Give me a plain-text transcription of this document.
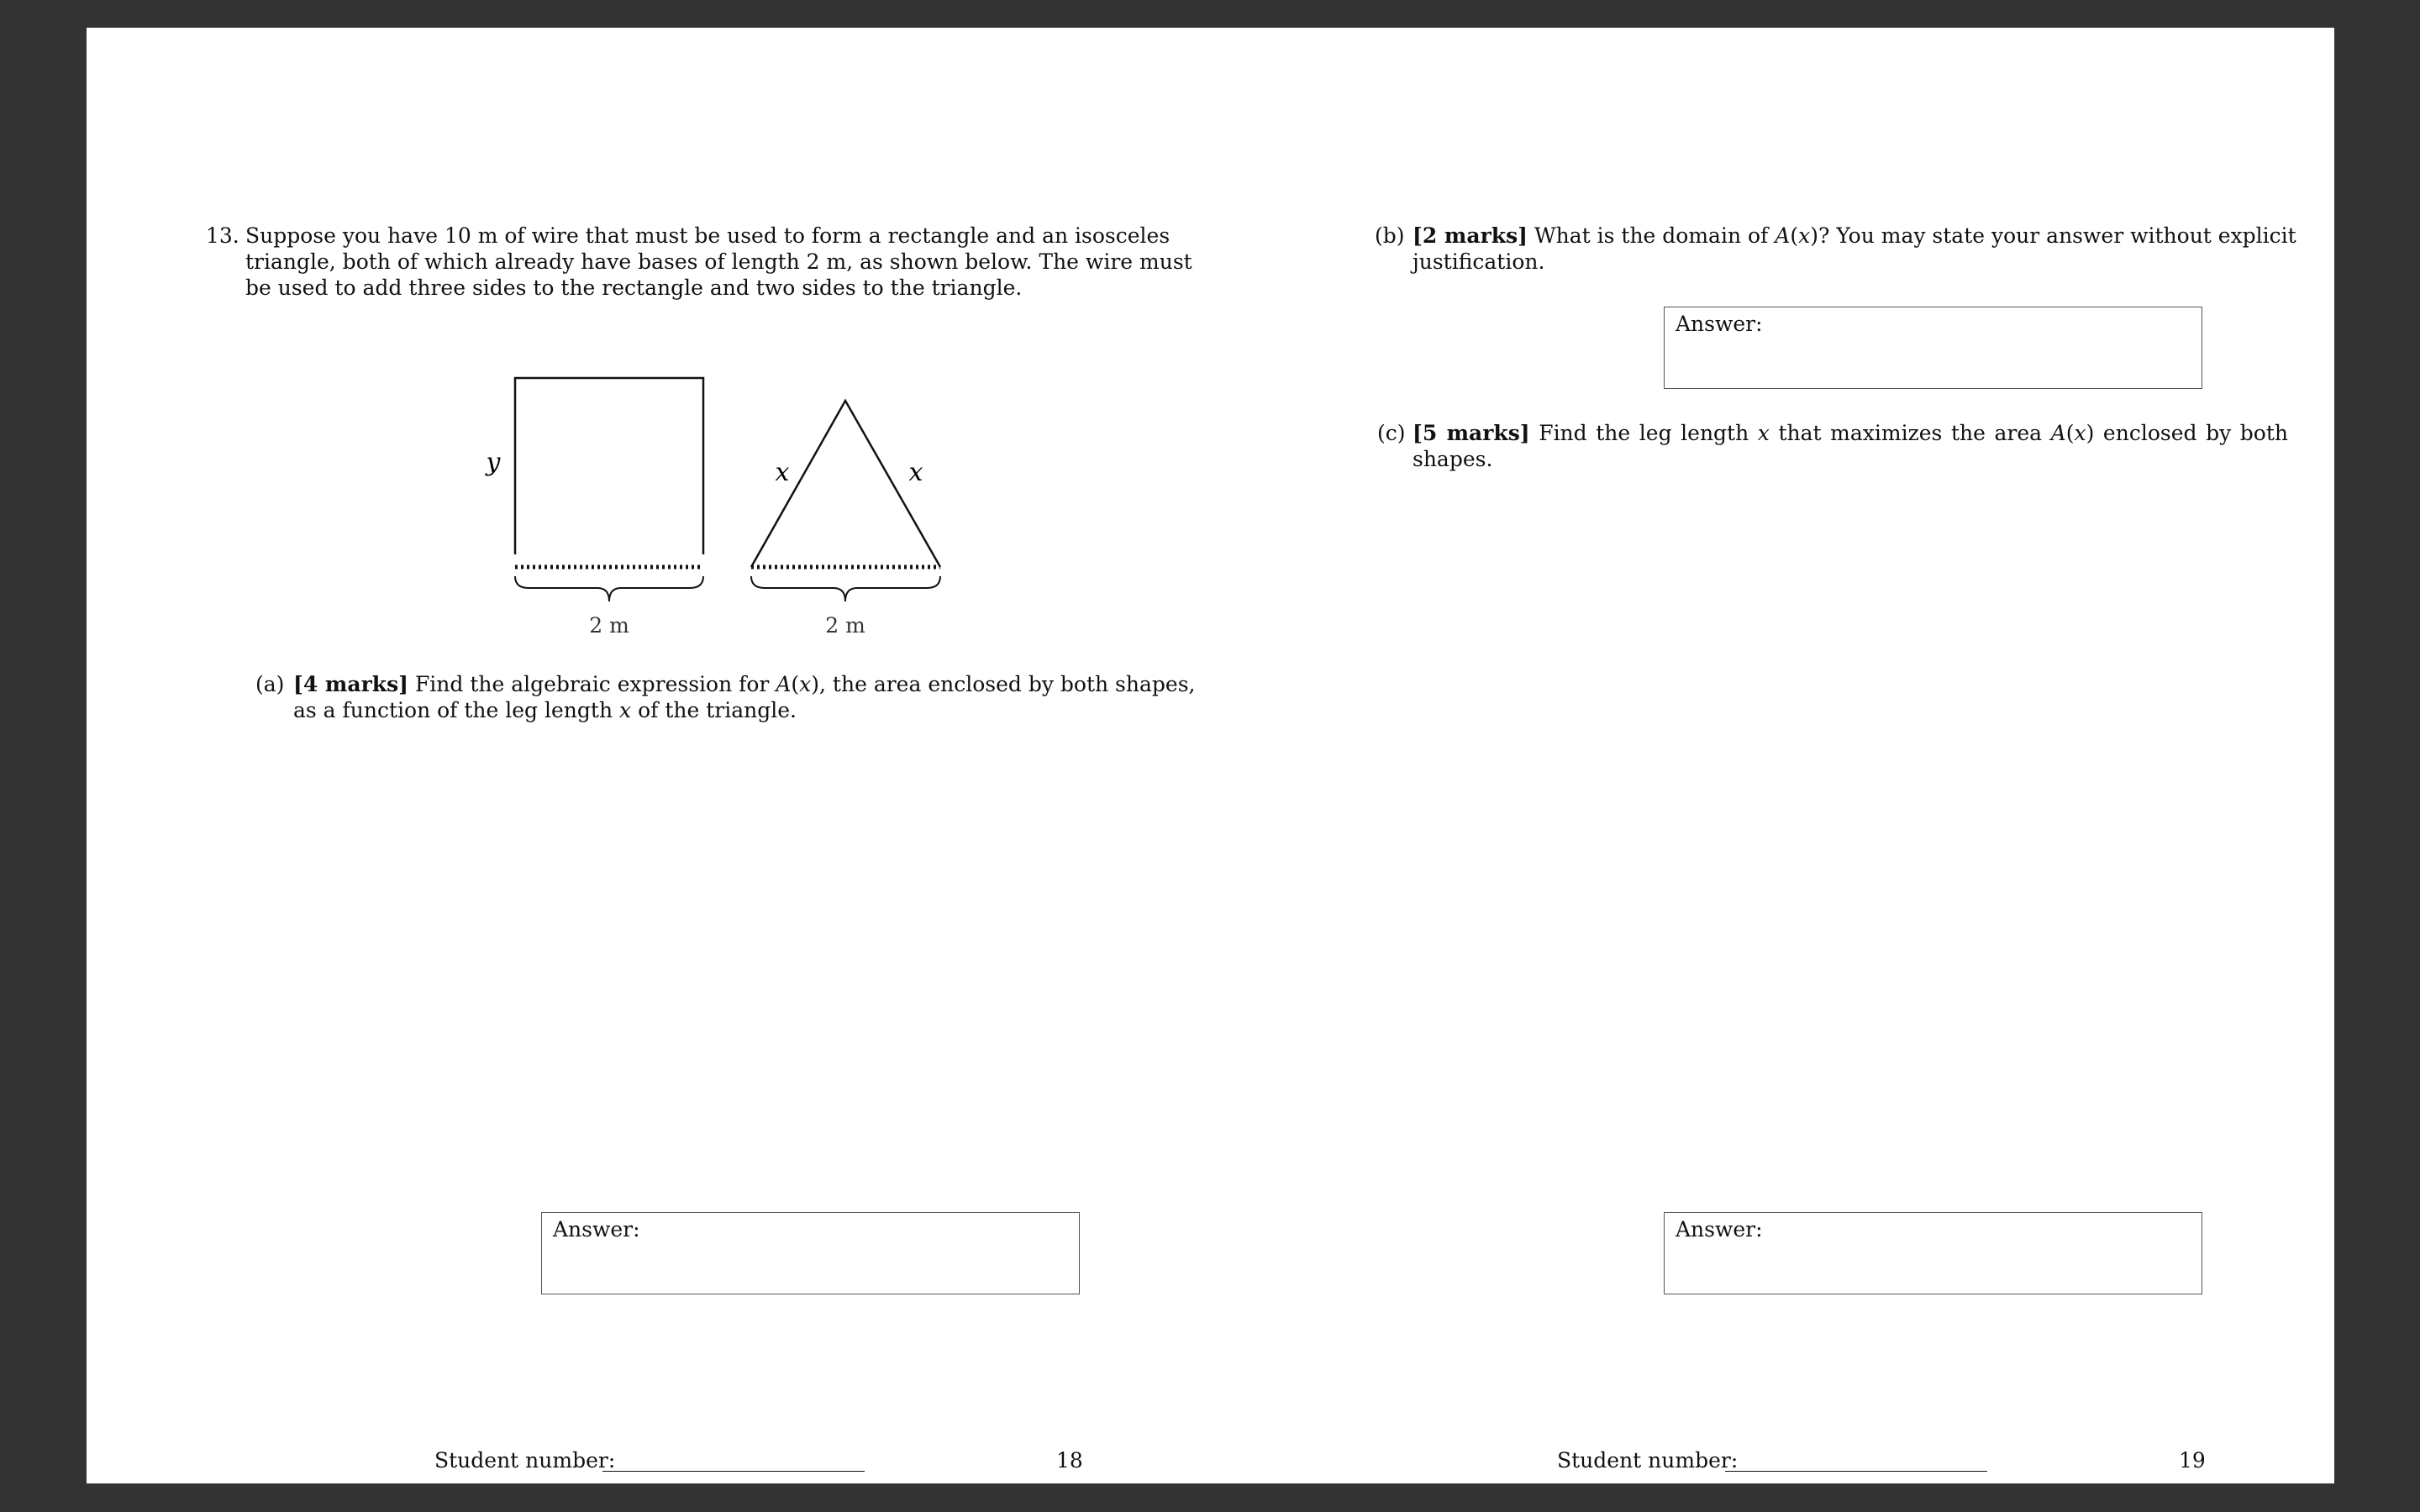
13. Suppose you have 10 m of wire that must be used to form a rectangle and an isosceles
triangle, both of which already have bases of length 2 m, as shown below. The wire must
be used to add three sides to the rectangle and two sides to the triangle.
y	x	x
2 m	2 m
(a) [4 marks] Find the algebraic expression for A(x), the area enclosed by both shapes,
as a function of the leg length x of the triangle.
Answer:
Student number:	18
(b) [2 marks] What is the domain of A(x)? You may state your answer without explicit
justification.
Answer:
(c) [5 marks] Find the leg length x that maximizes the area A(x) enclosed by both
shapes.
Answer:
Student number:	19
